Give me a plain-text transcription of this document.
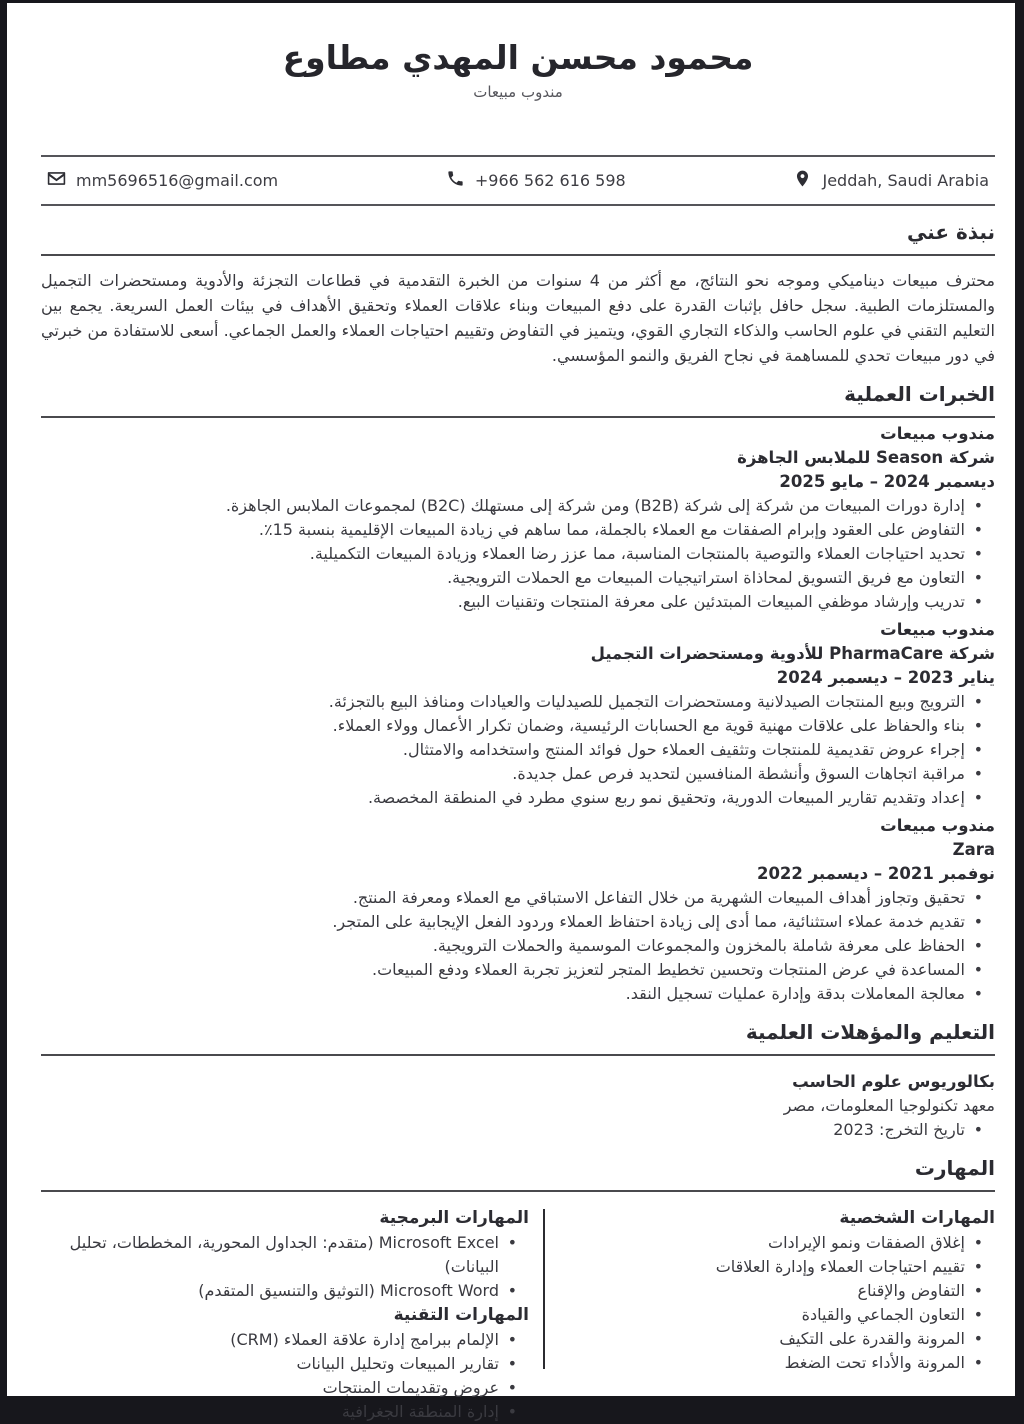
محمود محسن المهدي مطاوع
مندوب مبيعات
mm5696516@gmail.com	+966 562 616 598	Jeddah, Saudi Arabia
نبذة عني

محترف مبيعات ديناميكي وموجه نحو النتائج، مع أكثر من 4 سنوات من الخبرة التقدمية في قطاعات التجزئة والأدوية ومستحضرات التجميل والمستلزمات الطبية. سجل حافل بإثبات القدرة على دفع المبيعات وبناء علاقات العملاء وتحقيق الأهداف في بيئات العمل السريعة. يجمع بين التعليم التقني في علوم الحاسب والذكاء التجاري القوي، ويتميز في التفاوض وتقييم احتياجات العملاء والعمل الجماعي. أسعى للاستفادة من خبرتي في دور مبيعات تحدي للمساهمة في نجاح الفريق والنمو المؤسسي.

الخبرات العملية
مندوب مبيعات
شركة Season للملابس الجاهزة
ديسمبر 2024 – مايو 2025
• إدارة دورات المبيعات من شركة إلى شركة (B2B) ومن شركة إلى مستهلك (B2C) لمجموعات الملابس الجاهزة.
• التفاوض على العقود وإبرام الصفقات مع العملاء بالجملة، مما ساهم في زيادة المبيعات الإقليمية بنسبة 15٪.
• تحديد احتياجات العملاء والتوصية بالمنتجات المناسبة، مما عزز رضا العملاء وزيادة المبيعات التكميلية.
• التعاون مع فريق التسويق لمحاذاة استراتيجيات المبيعات مع الحملات الترويجية.
• تدريب وإرشاد موظفي المبيعات المبتدئين على معرفة المنتجات وتقنيات البيع.
مندوب مبيعات
شركة PharmaCare للأدوية ومستحضرات التجميل
يناير 2023 – ديسمبر 2024
• الترويج وبيع المنتجات الصيدلانية ومستحضرات التجميل للصيدليات والعيادات ومنافذ البيع بالتجزئة.
• بناء والحفاظ على علاقات مهنية قوية مع الحسابات الرئيسية، وضمان تكرار الأعمال وولاء العملاء.
• إجراء عروض تقديمية للمنتجات وتثقيف العملاء حول فوائد المنتج واستخدامه والامتثال.
• مراقبة اتجاهات السوق وأنشطة المنافسين لتحديد فرص عمل جديدة.
• إعداد وتقديم تقارير المبيعات الدورية، وتحقيق نمو ربع سنوي مطرد في المنطقة المخصصة.
مندوب مبيعات
Zara
نوفمبر 2021 – ديسمبر 2022
• تحقيق وتجاوز أهداف المبيعات الشهرية من خلال التفاعل الاستباقي مع العملاء ومعرفة المنتج.
• تقديم خدمة عملاء استثنائية، مما أدى إلى زيادة احتفاظ العملاء وردود الفعل الإيجابية على المتجر.
• الحفاظ على معرفة شاملة بالمخزون والمجموعات الموسمية والحملات الترويجية.
• المساعدة في عرض المنتجات وتحسين تخطيط المتجر لتعزيز تجربة العملاء ودفع المبيعات.
• معالجة المعاملات بدقة وإدارة عمليات تسجيل النقد.
التعليم والمؤهلات العلمية
بكالوريوس علوم الحاسب
معهد تكنولوجيا المعلومات، مصر
• تاريخ التخرج: 2023
المهارت
المهارات الشخصية
• إغلاق الصفقات ونمو الإيرادات
• تقييم احتياجات العملاء وإدارة العلاقات
• التفاوض والإقناع
• التعاون الجماعي والقيادة
• المرونة والقدرة على التكيف
• المرونة والأداء تحت الضغط
المهارات البرمجية
• Microsoft Excel (متقدم: الجداول المحورية، المخططات، تحليل البيانات)
• Microsoft Word (التوثيق والتنسيق المتقدم)
المهارات التقنية
• الإلمام ببرامج إدارة علاقة العملاء (CRM)
• تقارير المبيعات وتحليل البيانات
• عروض وتقديمات المنتجات
• إدارة المنطقة الجغرافية
